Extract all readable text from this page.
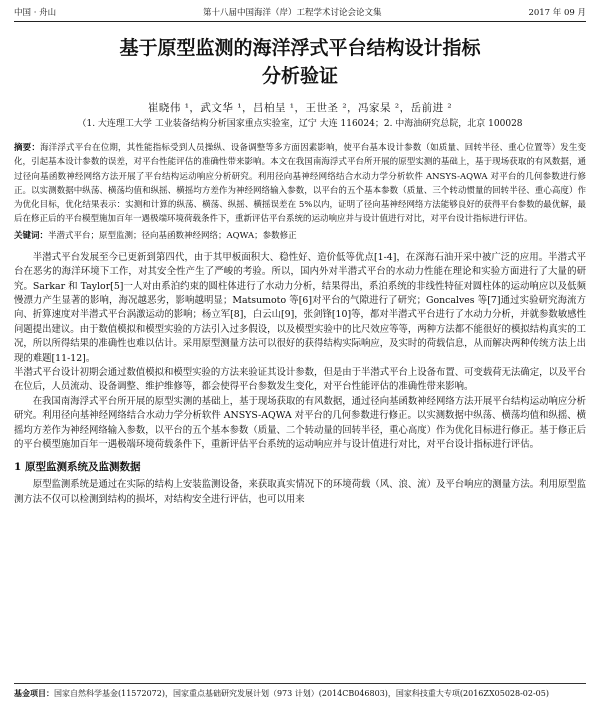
中国 · 舟山	第十八届中国海洋（岸）工程学术讨论会论文集	2017 年 09 月
基于原型监测的海洋浮式平台结构设计指标
分析验证
崔晓伟 ¹，武文华 ¹，吕柏呈 ¹，王世圣 ²，冯家杲 ²，岳前进 ²
（1. 大连理工大学 工业装备结构分析国家重点实验室，辽宁 大连 116024；2. 中海油研究总院，北京 100028
摘要：海洋浮式平台在位期，其性能指标受到人员操纵、设备调整等多方面因素影响，使平台基本设计参数（如质量、回转半径、重心位置等）发生变化，引起基本设计参数的误差，对平台性能评估的准确性带来影响。本文在我国南海浮式平台所开展的原型实测的基础上，基于现场获取的有风数据，通过径向基函数神经网络方法开展了平台结构运动响应分析研究。利用径向基神经网络结合水动力学分析软件 ANSYS-AQWA 对平台的几何参数进行修正。以实测数据中纵荡、横荡均值和纵摇、横摇均方差作为神经网络输入参数，以平台的五个基本参数（质量、三个转动惯量的回转半径、重心高度）作为优化目标，优化结果表示：实测和计算的纵荡、横荡、纵摇、横摇误差在 5%以内，证明了径向基神经网络方法能够良好的获得平台参数的最优解，最后在修正后的平台模型施加百年一遇极端环境荷载条件下，重新评估平台系统的运动响应并与设计值进行对比，对平台设计指标进行评估。
关键词：半潜式平台；原型监测；径向基函数神经网络；AQWA；参数修正

半潜式平台发展至今已更新到第四代，由于其甲板面积大、稳性好、造价低等优点[1-4]，在深海石油开采中被广泛的应用。半潜式平台在恶劣的海洋环境下工作，对其安全性产生了严峻的考验。所以，国内外对半潜式平台的水动力性能在理论和实验方面进行了大量的研究。Sarkar 和 Taylor[5]一人对由系泊约束的圆柱体进行了水动力分析，结果得出，系泊系统的非线性特征对圆柱体的运动响应以及低频慢漂力产生显著的影响，海况越恶劣，影响越明显；Matsumoto 等[6]对平台的气隙进行了研究；Goncalves 等[7]通过实验研究海流方向、折算速度对半潜式平台涡激运动的影响；杨立军[8]，白云山[9]，张剑锋[10]等，都对半潜式平台进行了水动力分析，并就参数敏感性问题提出建议。由于数值模拟和模型实验的方法引入过多假设，以及模型实验中的比尺效应等等，两种方法都不能很好的模拟结构真实的工况，所以所得结果的准确性也难以估计。采用原型测量方法可以很好的获得结构实际响应，及实时的荷载信息，从而解决两种传统方法上出现的难题[11-12]。

半潜式平台设计初期会通过数值模拟和模型实验的方法来验证其设计参数，但是由于半潜式平台上设备布置、可变载荷无法确定，以及平台在位后，人员流动、设备调整、维护维修等，都会使得平台参数发生变化，对平台性能评估的准确性带来影响。

在我国南海浮式平台所开展的原型实测的基础上，基于现场获取的有风数据，通过径向基函数神经网络方法开展平台结构运动响应分析研究。利用径向基神经网络结合水动力学分析软件 ANSYS-AQWA 对平台的几何参数进行修正。以实测数据中纵荡、横荡均值和纵摇、横摇均方差作为神经网络输入参数，以平台的五个基本参数（质量、二个转动量的回转半径，重心高度）作为优化目标进行修正。基于修正后的平台模型施加百年一遇极端环境荷载条件下，重新评估平台系统的运动响应并与设计值进行对比，对平台设计指标进行评估。

1 原型监测系统及监测数据

原型监测系统是通过在实际的结构上安装监测设备，来获取真实情况下的环境荷载（风、浪、流）及平台响应的测量方法。利用原型监测方法不仅可以检测到结构的损坏，对结构安全进行评估，也可以用来

基金项目：国家自然科学基金(11572072)，国家重点基础研究发展计划（973 计划）(2014CB046803)，国家科技重大专项(2016ZX05028-02-05)
